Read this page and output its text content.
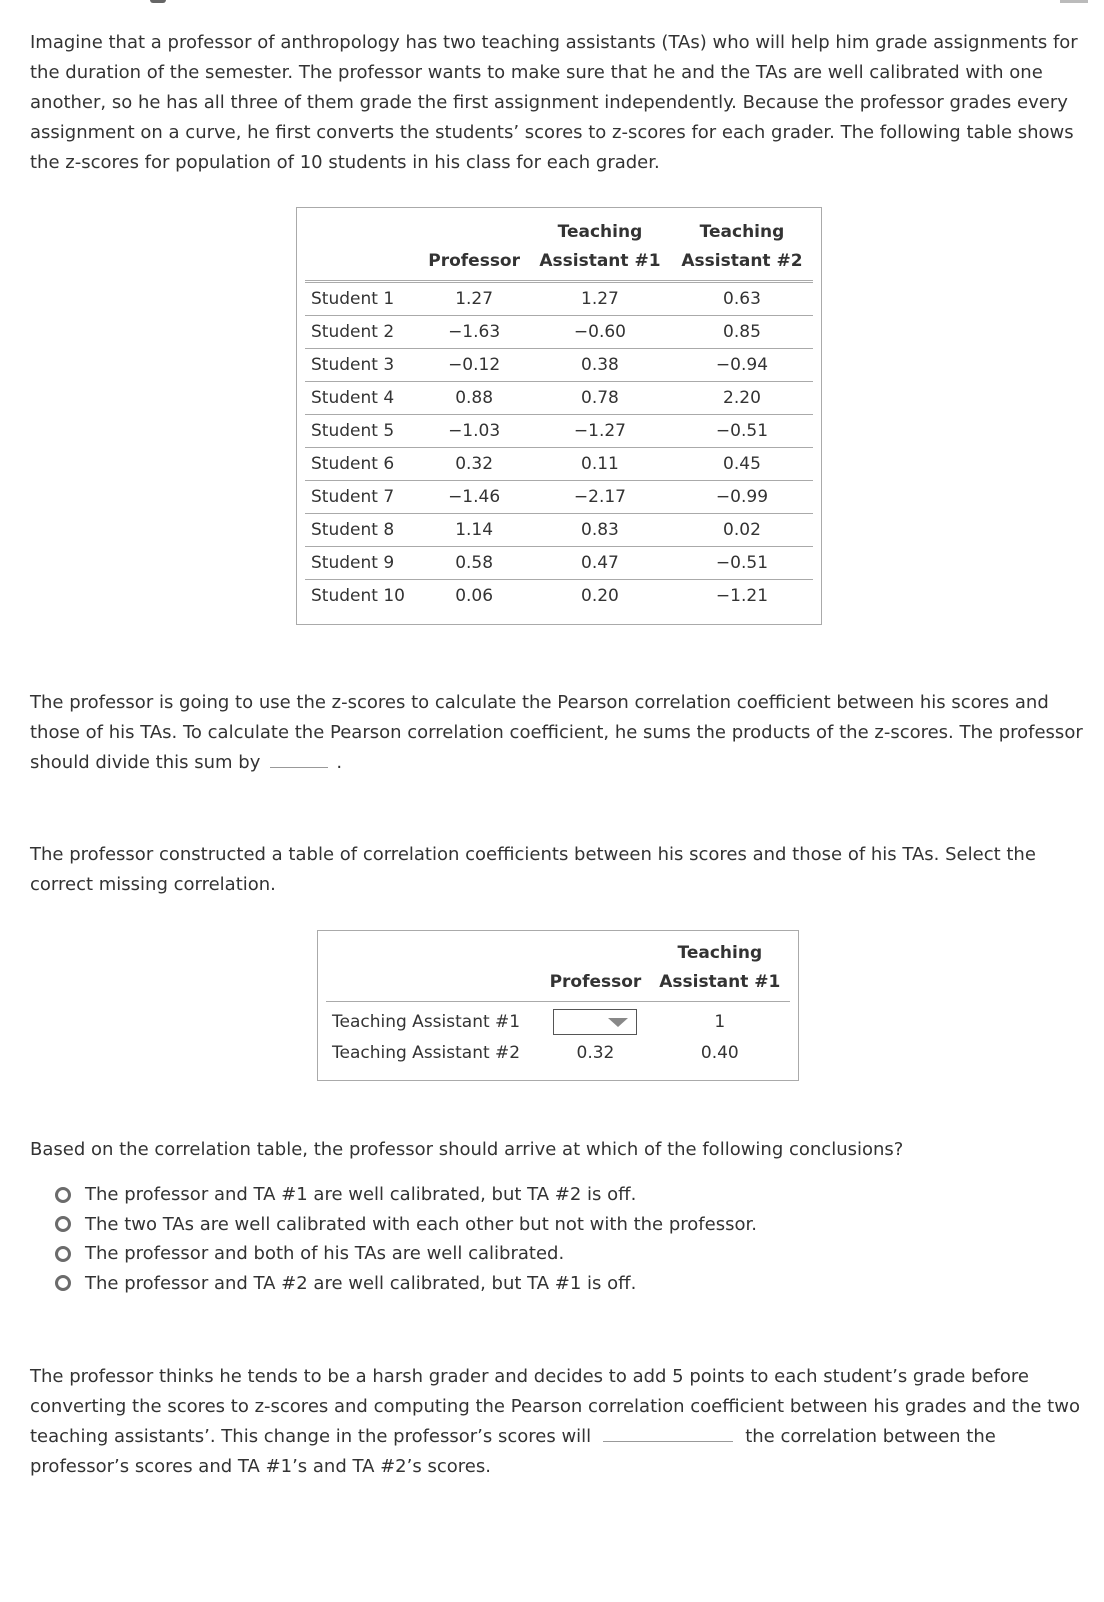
Imagine that a professor of anthropology has two teaching assistants (TAs) who will help him grade assignments for the duration of the semester. The professor wants to make sure that he and the TAs are well calibrated with one another, so he has all three of them grade the first assignment independently. Because the professor grades every assignment on a curve, he first converts the students’ scores to z-scores for each grader. The following table shows the z-scores for population of 10 students in his class for each grader.

		Teaching	Teaching
	Professor	Assistant #1	Assistant #2
Student 1	1.27	1.27	0.63
Student 2	−1.63	−0.60	0.85
Student 3	−0.12	0.38	−0.94
Student 4	0.88	0.78	2.20
Student 5	−1.03	−1.27	−0.51
Student 6	0.32	0.11	0.45
Student 7	−1.46	−2.17	−0.99
Student 8	1.14	0.83	0.02
Student 9	0.58	0.47	−0.51
Student 10	0.06	0.20	−1.21

The professor is going to use the z-scores to calculate the Pearson correlation coefficient between his scores and those of his TAs. To calculate the Pearson correlation coefficient, he sums the products of the z-scores. The professor should divide this sum by	.

The professor constructed a table of correlation coefficients between his scores and those of his TAs. Select the correct missing correlation.

		Teaching
	Professor	Assistant #1
Teaching Assistant #1		1
Teaching Assistant #2	0.32	0.40

Based on the correlation table, the professor should arrive at which of the following conclusions?

The professor and TA #1 are well calibrated, but TA #2 is off.
The two TAs are well calibrated with each other but not with the professor.
The professor and both of his TAs are well calibrated.
The professor and TA #2 are well calibrated, but TA #1 is off.

The professor thinks he tends to be a harsh grader and decides to add 5 points to each student’s grade before converting the scores to z-scores and computing the Pearson correlation coefficient between his grades and the two teaching assistants’. This change in the professor’s scores will	the correlation between the professor’s scores and TA #1’s and TA #2’s scores.
